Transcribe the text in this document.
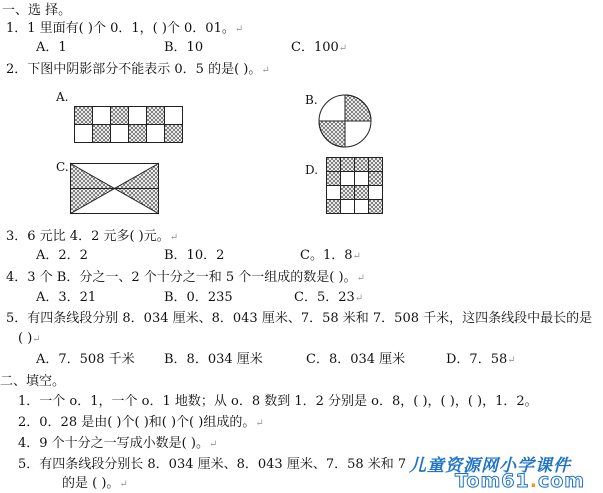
一、选 择。
1．1 里面有( )个 0．1，( )个 0．01。↵
A．1	B．10	C．100↵
2．下图中阴影部分不能表示 0．5 的是( )。↵
A.	B.
C.	D.
3．6 元比 4．2 元多( )元。↵
A．2．2	B．10．2	C。1．8↵
4．3 个 B．分之一、2 个十分之一和 5 个一组成的数是( )。↵
A．3．21	B．0．235	C．5．23↵
5．有四条线段分别 8．034 厘米、8．043 厘米、7．58 米和 7．508 千米，这四条线段中最长的是
( )↵
A．7．508 千米 B．8．034 厘米	C．8．034 厘米	D．7．58↵
二、填空。
1．一个 o．1，一个 o．1 地数；从 o．8 数到 1．2 分别是 o．8，( )，( )，( )，1．2。
2．0．28 是由( )个( )和( )个( )组成的。↵
4．9 个十分之一写成小数是( )。↵
5．有四条线段分别长 8．034 厘米、8．043 厘米、7．58 米和 7
的是 ( )。↵
儿童资源网小学课件
Tom61.com
